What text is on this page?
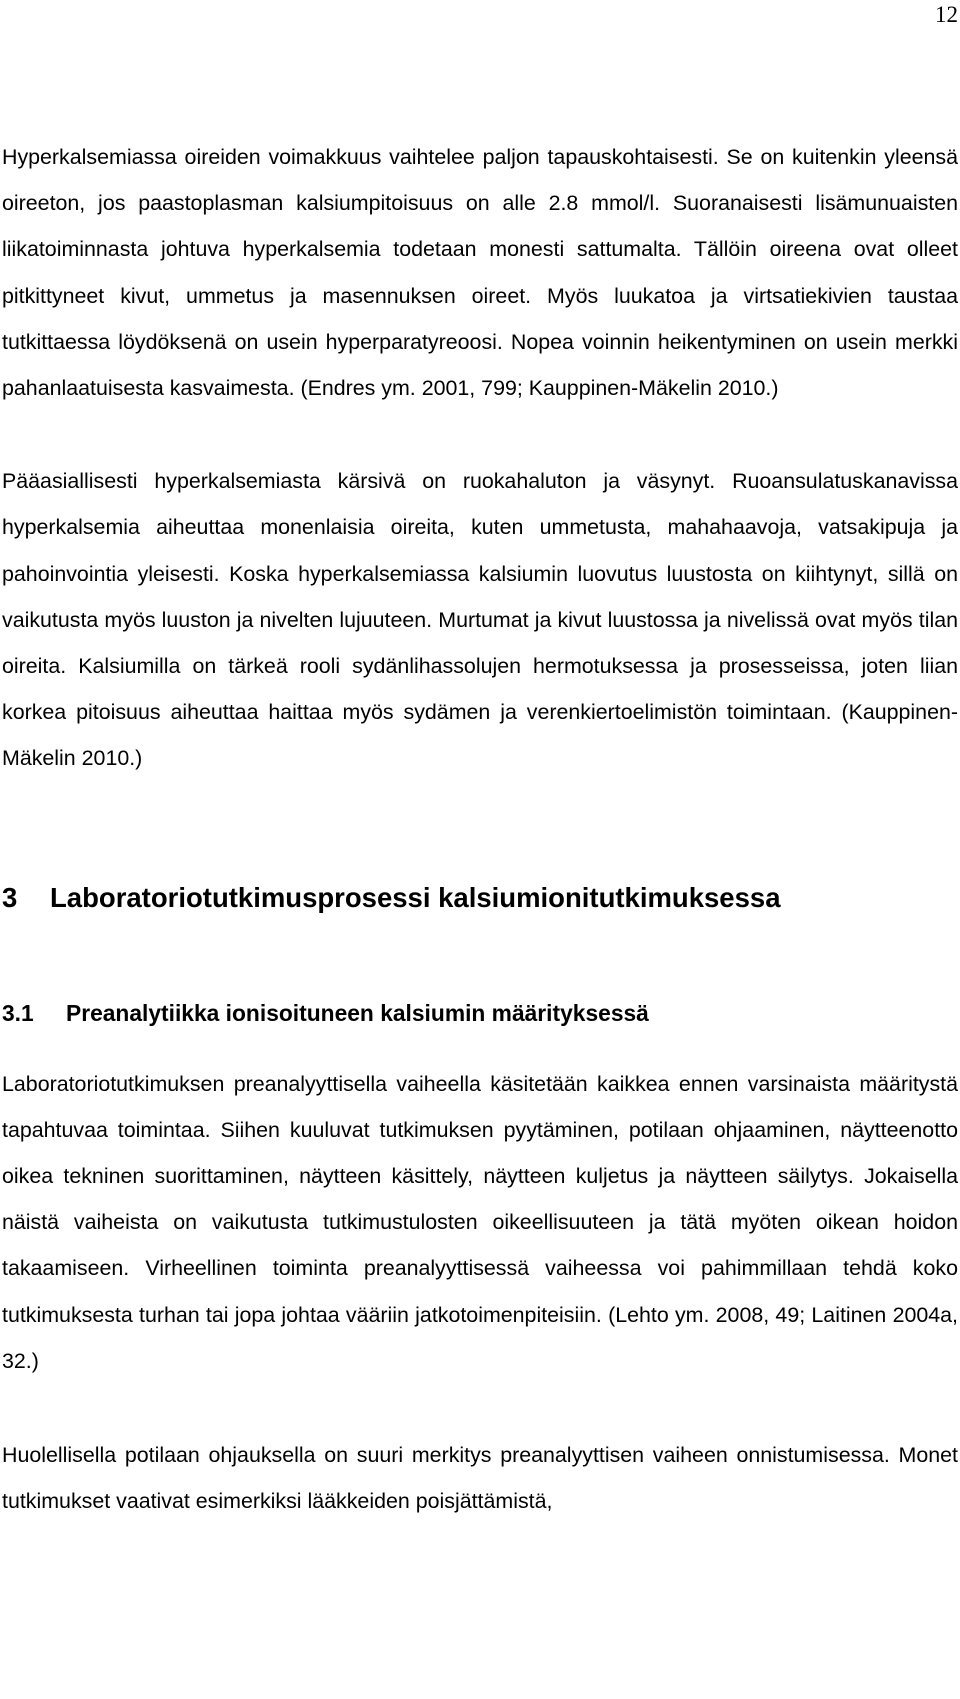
12

Hyperkalsemiassa oireiden voimakkuus vaihtelee paljon tapauskohtaisesti. Se on kuitenkin yleensä oireeton, jos paastoplasman kalsiumpitoisuus on alle 2.8 mmol/l. Suoranaisesti lisämunuaisten liikatoiminnasta johtuva hyperkalsemia todetaan monesti sattumalta. Tällöin oireena ovat olleet pitkittyneet kivut, ummetus ja masennuksen oireet. Myös luukatoa ja virtsatiekivien taustaa tutkittaessa löydöksenä on usein hyperparatyreoosi. Nopea voinnin heikentyminen on usein merkki pahanlaatuisesta kasvaimesta. (Endres ym. 2001, 799; Kauppinen-Mäkelin 2010.)

Pääasiallisesti hyperkalsemiasta kärsivä on ruokahaluton ja väsynyt. Ruoansulatuskanavissa hyperkalsemia aiheuttaa monenlaisia oireita, kuten ummetusta, mahahaavoja, vatsakipuja ja pahoinvointia yleisesti. Koska hyperkalsemiassa kalsiumin luovutus luustosta on kiihtynyt, sillä on vaikutusta myös luuston ja nivelten lujuuteen. Murtumat ja kivut luustossa ja nivelissä ovat myös tilan oireita. Kalsiumilla on tärkeä rooli sydänlihassolujen hermotuksessa ja prosesseissa, joten liian korkea pitoisuus aiheuttaa haittaa myös sydämen ja verenkiertoelimistön toimintaan. (Kauppinen-Mäkelin 2010.)

3	Laboratoriotutkimusprosessi kalsiumionitutkimuksessa
3.1	Preanalytiikka ionisoituneen kalsiumin määrityksessä

Laboratoriotutkimuksen preanalyyttisella vaiheella käsitetään kaikkea ennen varsinaista määritystä tapahtuvaa toimintaa. Siihen kuuluvat tutkimuksen pyytäminen, potilaan ohjaaminen, näytteenotto oikea tekninen suorittaminen, näytteen käsittely, näytteen kuljetus ja näytteen säilytys. Jokaisella näistä vaiheista on vaikutusta tutkimustulosten oikeellisuuteen ja tätä myöten oikean hoidon takaamiseen. Virheellinen toiminta preanalyyttisessä vaiheessa voi pahimmillaan tehdä koko tutkimuksesta turhan tai jopa johtaa vääriin jatkotoimenpiteisiin. (Lehto ym. 2008, 49; Laitinen 2004a, 32.)

Huolellisella potilaan ohjauksella on suuri merkitys preanalyyttisen vaiheen onnistumisessa. Monet tutkimukset vaativat esimerkiksi lääkkeiden poisjättämistä,
